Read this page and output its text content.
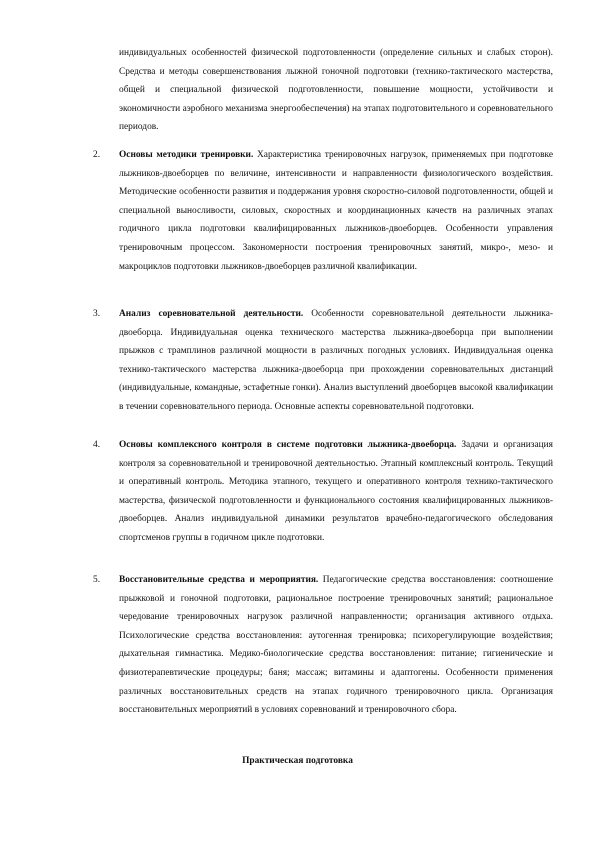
индивидуальных особенностей физической подготовленности (определение сильных и слабых сторон). Средства и методы совершенствования лыжной гоночной подготовки (технико-тактического мастерства, общей и специальной физической подготовленности, повышение мощности, устойчивости и экономичности аэробного механизма энергообеспечения) на этапах подготовительного и соревновательного периодов.
2.	Основы методики тренировки. Характеристика тренировочных нагрузок, применяемых при подготовке лыжников-двоеборцев по величине, интенсивности и направленности физиологического воздействия. Методические особенности развития и поддержания уровня скоростно-силовой подготовленности, общей и специальной выносливости, силовых, скоростных и координационных качеств на различных этапах годичного цикла подготовки квалифицированных лыжников-двоеборцев. Особенности управления тренировочным процессом. Закономерности построения тренировочных занятий, микро-, мезо- и макроциклов подготовки лыжников-двоеборцев различной квалификации.
3.	Анализ соревновательной деятельности. Особенности соревновательной деятельности лыжника-двоеборца. Индивидуальная оценка технического мастерства лыжника-двоеборца при выполнении прыжков с трамплинов различной мощности в различных погодных условиях. Индивидуальная оценка технико-тактического мастерства лыжника-двоеборца при прохождении соревновательных дистанций (индивидуальные, командные, эстафетные гонки). Анализ выступлений двоеборцев высокой квалификации в течении соревновательного периода. Основные аспекты соревновательной подготовки.
4.	Основы комплексного контроля в системе подготовки лыжника-двоеборца. Задачи и организация контроля за соревновательной и тренировочной деятельностью. Этапный комплексный контроль. Текущий и оперативный контроль. Методика этапного, текущего и оперативного контроля технико-тактического мастерства, физической подготовленности и функционального состояния квалифицированных лыжников-двоеборцев. Анализ индивидуальной динамики результатов врачебно-педагогического обследования спортсменов группы в годичном цикле подготовки.
5.	Восстановительные средства и мероприятия. Педагогические средства восстановления: соотношение прыжковой и гоночной подготовки, рациональное построение тренировочных занятий; рациональное чередование тренировочных нагрузок различной направленности; организация активного отдыха. Психологические средства восстановления: аутогенная тренировка; психорегулирующие воздействия; дыхательная гимнастика. Медико-биологические средства восстановления: питание; гигиенические и физиотерапевтические процедуры; баня; массаж; витамины и адаптогены. Особенности применения различных восстановительных средств на этапах годичного тренировочного цикла. Организация восстановительных мероприятий в условиях соревнований и тренировочного сбора.
Практическая подготовка
